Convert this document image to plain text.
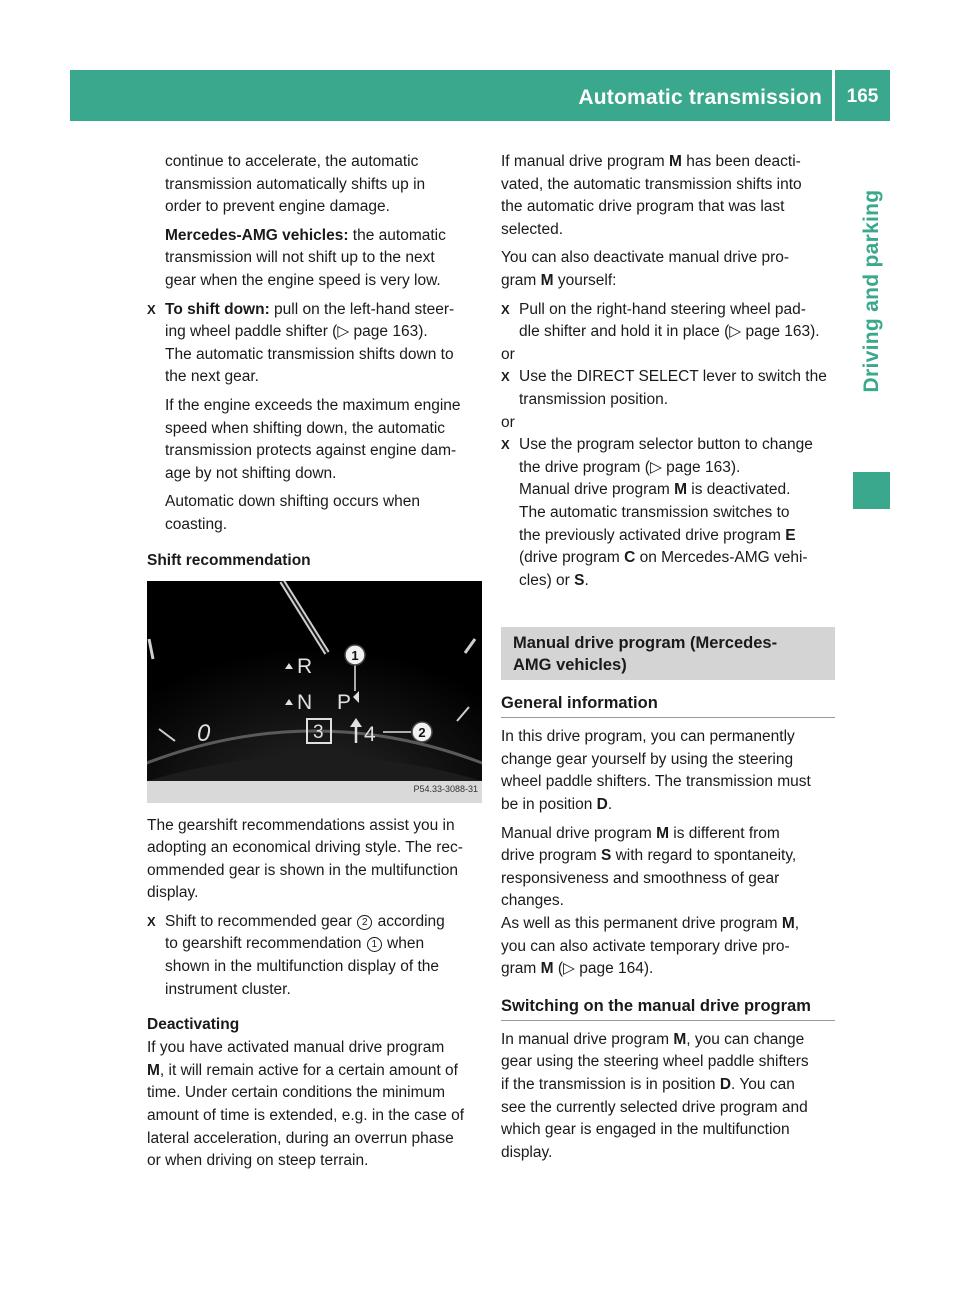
Automatic transmission	165
Driving and parking
continue to accelerate, the automatic
transmission automatically shifts up in
order to prevent engine damage.
Mercedes-AMG vehicles: the automatic
transmission will not shift up to the next
gear when the engine speed is very low.
X To shift down: pull on the left-hand steer-
ing wheel paddle shifter (▷ page 163).
The automatic transmission shifts down to
the next gear.
If the engine exceeds the maximum engine
speed when shifting down, the automatic
transmission protects against engine dam-
age by not shifting down.
Automatic down shifting occurs when
coasting.
Shift recommendation
R
N P
3 4
0
1
2
P54.33-3088-31
The gearshift recommendations assist you in
adopting an economical driving style. The rec-
ommended gear is shown in the multifunction
display.
X Shift to recommended gear 2 according
to gearshift recommendation 1 when
shown in the multifunction display of the
instrument cluster.
Deactivating
If you have activated manual drive program
M, it will remain active for a certain amount of
time. Under certain conditions the minimum
amount of time is extended, e.g. in the case of
lateral acceleration, during an overrun phase
or when driving on steep terrain.
If manual drive program M has been deacti-
vated, the automatic transmission shifts into
the automatic drive program that was last
selected.
You can also deactivate manual drive pro-
gram M yourself:
X Pull on the right-hand steering wheel pad-
dle shifter and hold it in place (▷ page 163).
or
X Use the DIRECT SELECT lever to switch the
transmission position.
or
X Use the program selector button to change
the drive program (▷ page 163).
Manual drive program M is deactivated.
The automatic transmission switches to
the previously activated drive program E
(drive program C on Mercedes-AMG vehi-
cles) or S.
Manual drive program (Mercedes-
AMG vehicles)
General information
In this drive program, you can permanently
change gear yourself by using the steering
wheel paddle shifters. The transmission must
be in position D.
Manual drive program M is different from
drive program S with regard to spontaneity,
responsiveness and smoothness of gear
changes.
As well as this permanent drive program M,
you can also activate temporary drive pro-
gram M (▷ page 164).
Switching on the manual drive program
In manual drive program M, you can change
gear using the steering wheel paddle shifters
if the transmission is in position D. You can
see the currently selected drive program and
which gear is engaged in the multifunction
display.
